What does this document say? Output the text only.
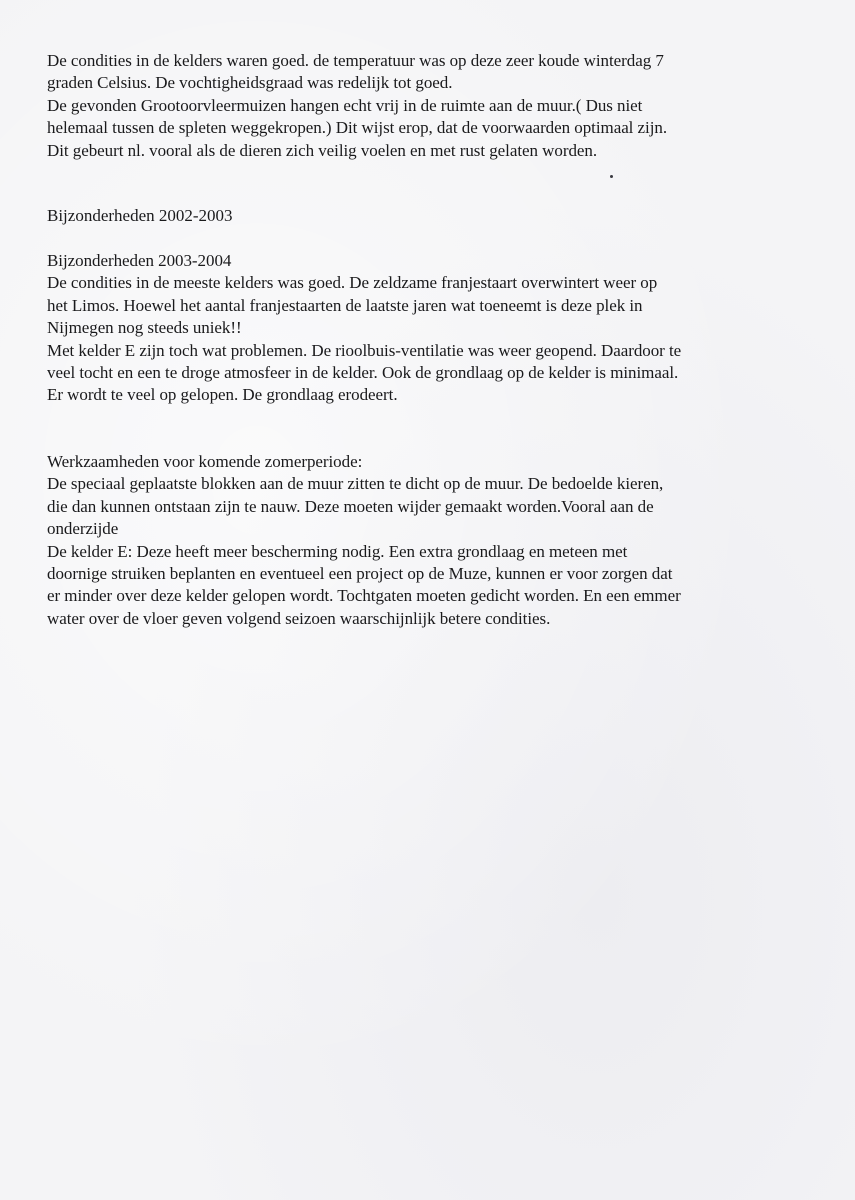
De condities in de kelders waren goed. de temperatuur was op deze zeer koude winterdag 7
graden Celsius. De vochtigheidsgraad was redelijk tot goed.
De gevonden Grootoorvleermuizen hangen echt vrij in de ruimte aan de muur.( Dus niet
helemaal tussen de spleten weggekropen.) Dit wijst erop, dat de voorwaarden optimaal zijn.
Dit gebeurt nl. vooral als de dieren zich veilig voelen en met rust gelaten worden.
Bijzonderheden 2002-2003
Bijzonderheden 2003-2004
De condities in de meeste kelders was goed. De zeldzame franjestaart overwintert weer op
het Limos. Hoewel het aantal franjestaarten de laatste jaren wat toeneemt is deze plek in
Nijmegen nog steeds uniek!!
Met kelder E zijn toch wat problemen. De rioolbuis-ventilatie was weer geopend. Daardoor te
veel tocht en een te droge atmosfeer in de kelder. Ook de grondlaag op de kelder is minimaal.
Er wordt te veel op gelopen. De grondlaag erodeert.
Werkzaamheden voor komende zomerperiode:
De speciaal geplaatste blokken aan de muur zitten te dicht op de muur. De bedoelde kieren,
die dan kunnen ontstaan zijn te nauw. Deze moeten wijder gemaakt worden.Vooral aan de
onderzijde
De kelder E: Deze heeft meer bescherming nodig. Een extra grondlaag en meteen met
doornige struiken beplanten en eventueel een project op de Muze, kunnen er voor zorgen dat
er minder over deze kelder gelopen wordt. Tochtgaten moeten gedicht worden. En een emmer
water over de vloer geven volgend seizoen waarschijnlijk betere condities.
